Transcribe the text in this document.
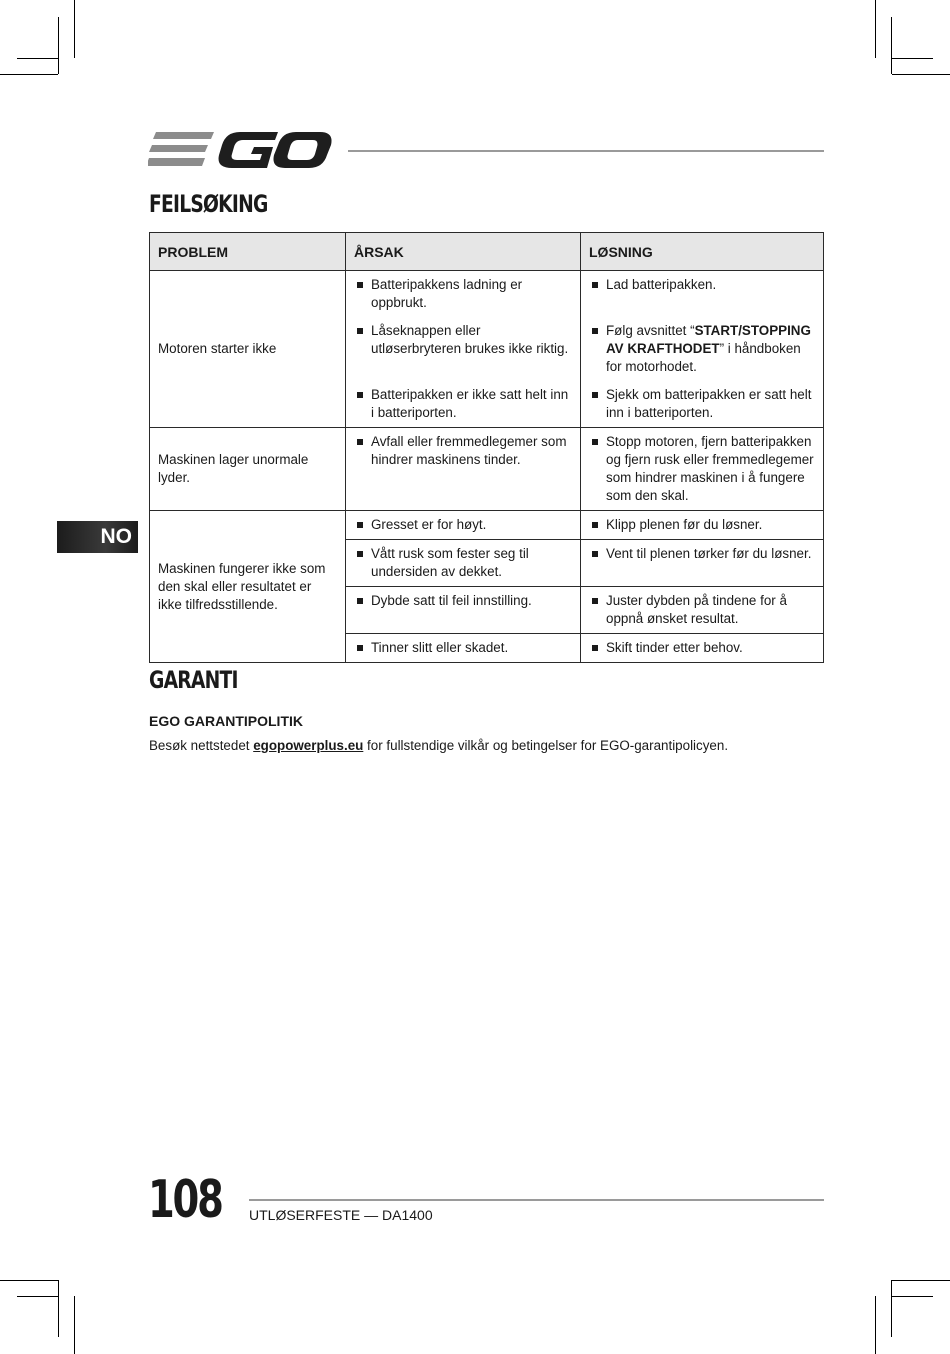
FEILSØKING
PROBLEM	ÅRSAK	LØSNING
Motoren starter ikke	Batteripakkens ladning er oppbrukt.	Lad batteripakken.

	Låseknappen eller utløserbryteren brukes ikke riktig.	Følg avsnittet “START/STOPPING AV KRAFTHODET” i håndboken for motorhodet.

	Batteripakken er ikke satt helt inn i batteriporten.	Sjekk om batteripakken er satt helt inn i batteriporten.

Maskinen lager unormale lyder.	Avfall eller fremmedlegemer som hindrer maskinens tinder.	Stopp motoren, fjern batteripakken og fjern rusk eller fremmedlegemer som hindrer maskinen i å fungere som den skal.

Maskinen fungerer ikke som den skal eller resultatet er ikke tilfredsstillende.	Gresset er for høyt.	Klipp plenen før du løsner.

	Vått rusk som fester seg til undersiden av dekket.	Vent til plenen tørker før du løsner.

	Dybde satt til feil innstilling.	Juster dybden på tindene for å oppnå ønsket resultat.

	Tinner slitt eller skadet.	Skift tinder etter behov.
NO
GARANTI
EGO GARANTIPOLITIK

Besøk nettstedet egopowerplus.eu for fullstendige vilkår og betingelser for EGO-garantipolicyen.

108 UTLØSERFESTE — DA1400
